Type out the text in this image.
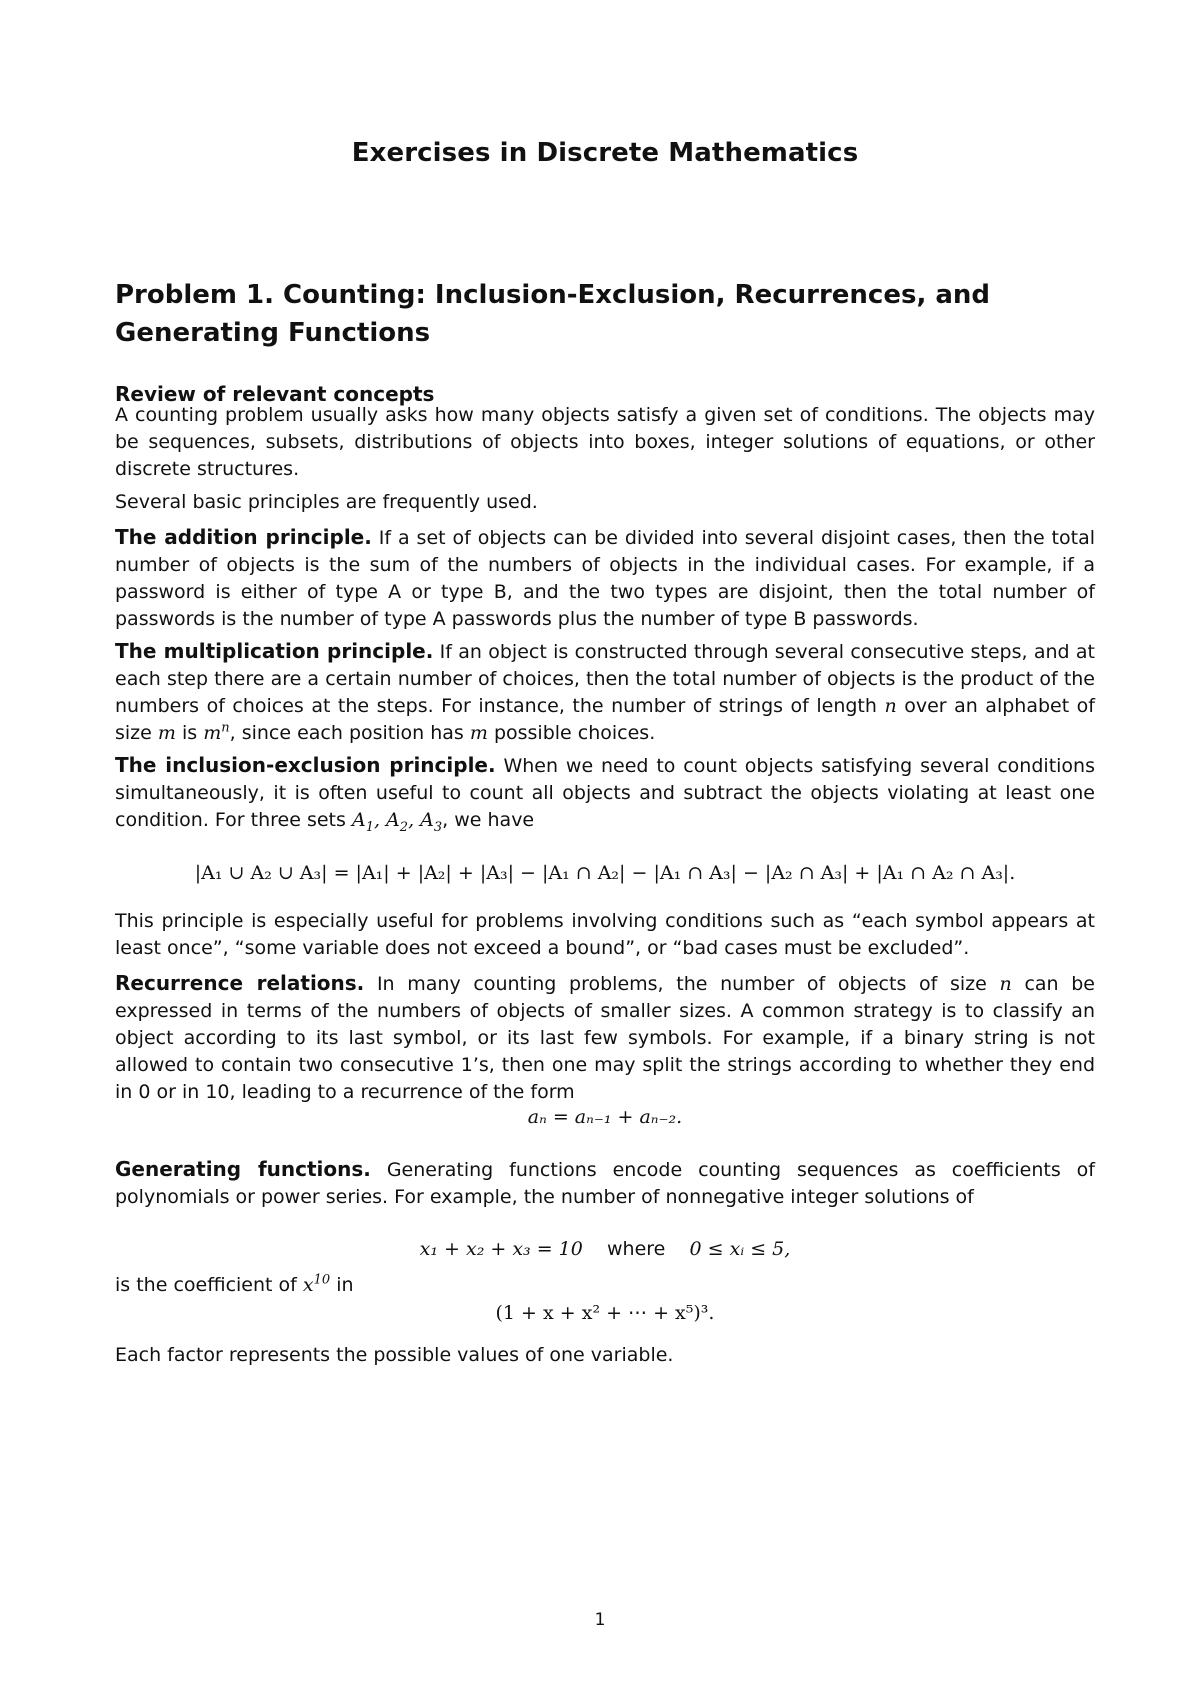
Exercises in Discrete Mathematics
Problem 1. Counting: Inclusion-Exclusion, Recurrences, and Generating Functions
Review of relevant concepts

A counting problem usually asks how many objects satisfy a given set of conditions. The objects may be sequences, subsets, distributions of objects into boxes, integer solutions of equations, or other discrete structures.

Several basic principles are frequently used.

The addition principle. If a set of objects can be divided into several disjoint cases, then the total number of objects is the sum of the numbers of objects in the individual cases. For example, if a password is either of type A or type B, and the two types are disjoint, then the total number of passwords is the number of type A passwords plus the number of type B passwords.

The multiplication principle. If an object is constructed through several consecutive steps, and at each step there are a certain number of choices, then the total number of objects is the product of the numbers of choices at the steps. For instance, the number of strings of length n over an alphabet of size m is $m^n$, since each position has m possible choices.

The inclusion-exclusion principle. When we need to count objects satisfying several conditions simultaneously, it is often useful to count all objects and subtract the objects violating at least one condition. For three sets $A_1$, $A_2$, $A_3$, we have

|A₁ ∪ A₂ ∪ A₃| = |A₁| + |A₂| + |A₃| − |A₁ ∩ A₂| − |A₁ ∩ A₃| − |A₂ ∩ A₃| + |A₁ ∩ A₂ ∩ A₃|.

This principle is especially useful for problems involving conditions such as “each symbol appears at least once”, “some variable does not exceed a bound”, or “bad cases must be excluded”.

Recurrence relations. In many counting problems, the number of objects of size n can be expressed in terms of the numbers of objects of smaller sizes. A common strategy is to classify an object according to its last symbol, or its last few symbols. For example, if a binary string is not allowed to contain two consecutive 1’s, then one may split the strings according to whether they end in 0 or in 10, leading to a recurrence of the form

aₙ = aₙ₋₁ + aₙ₋₂.

Generating functions. Generating functions encode counting sequences as coefficients of polynomials or power series. For example, the number of nonnegative integer solutions of

x₁ + x₂ + x₃ = 10 where 0 ≤ xᵢ ≤ 5,

is the coefficient of $x^{10}$ in

(1 + x + x² + ⋯ + x⁵)³.

Each factor represents the possible values of one variable.

1
